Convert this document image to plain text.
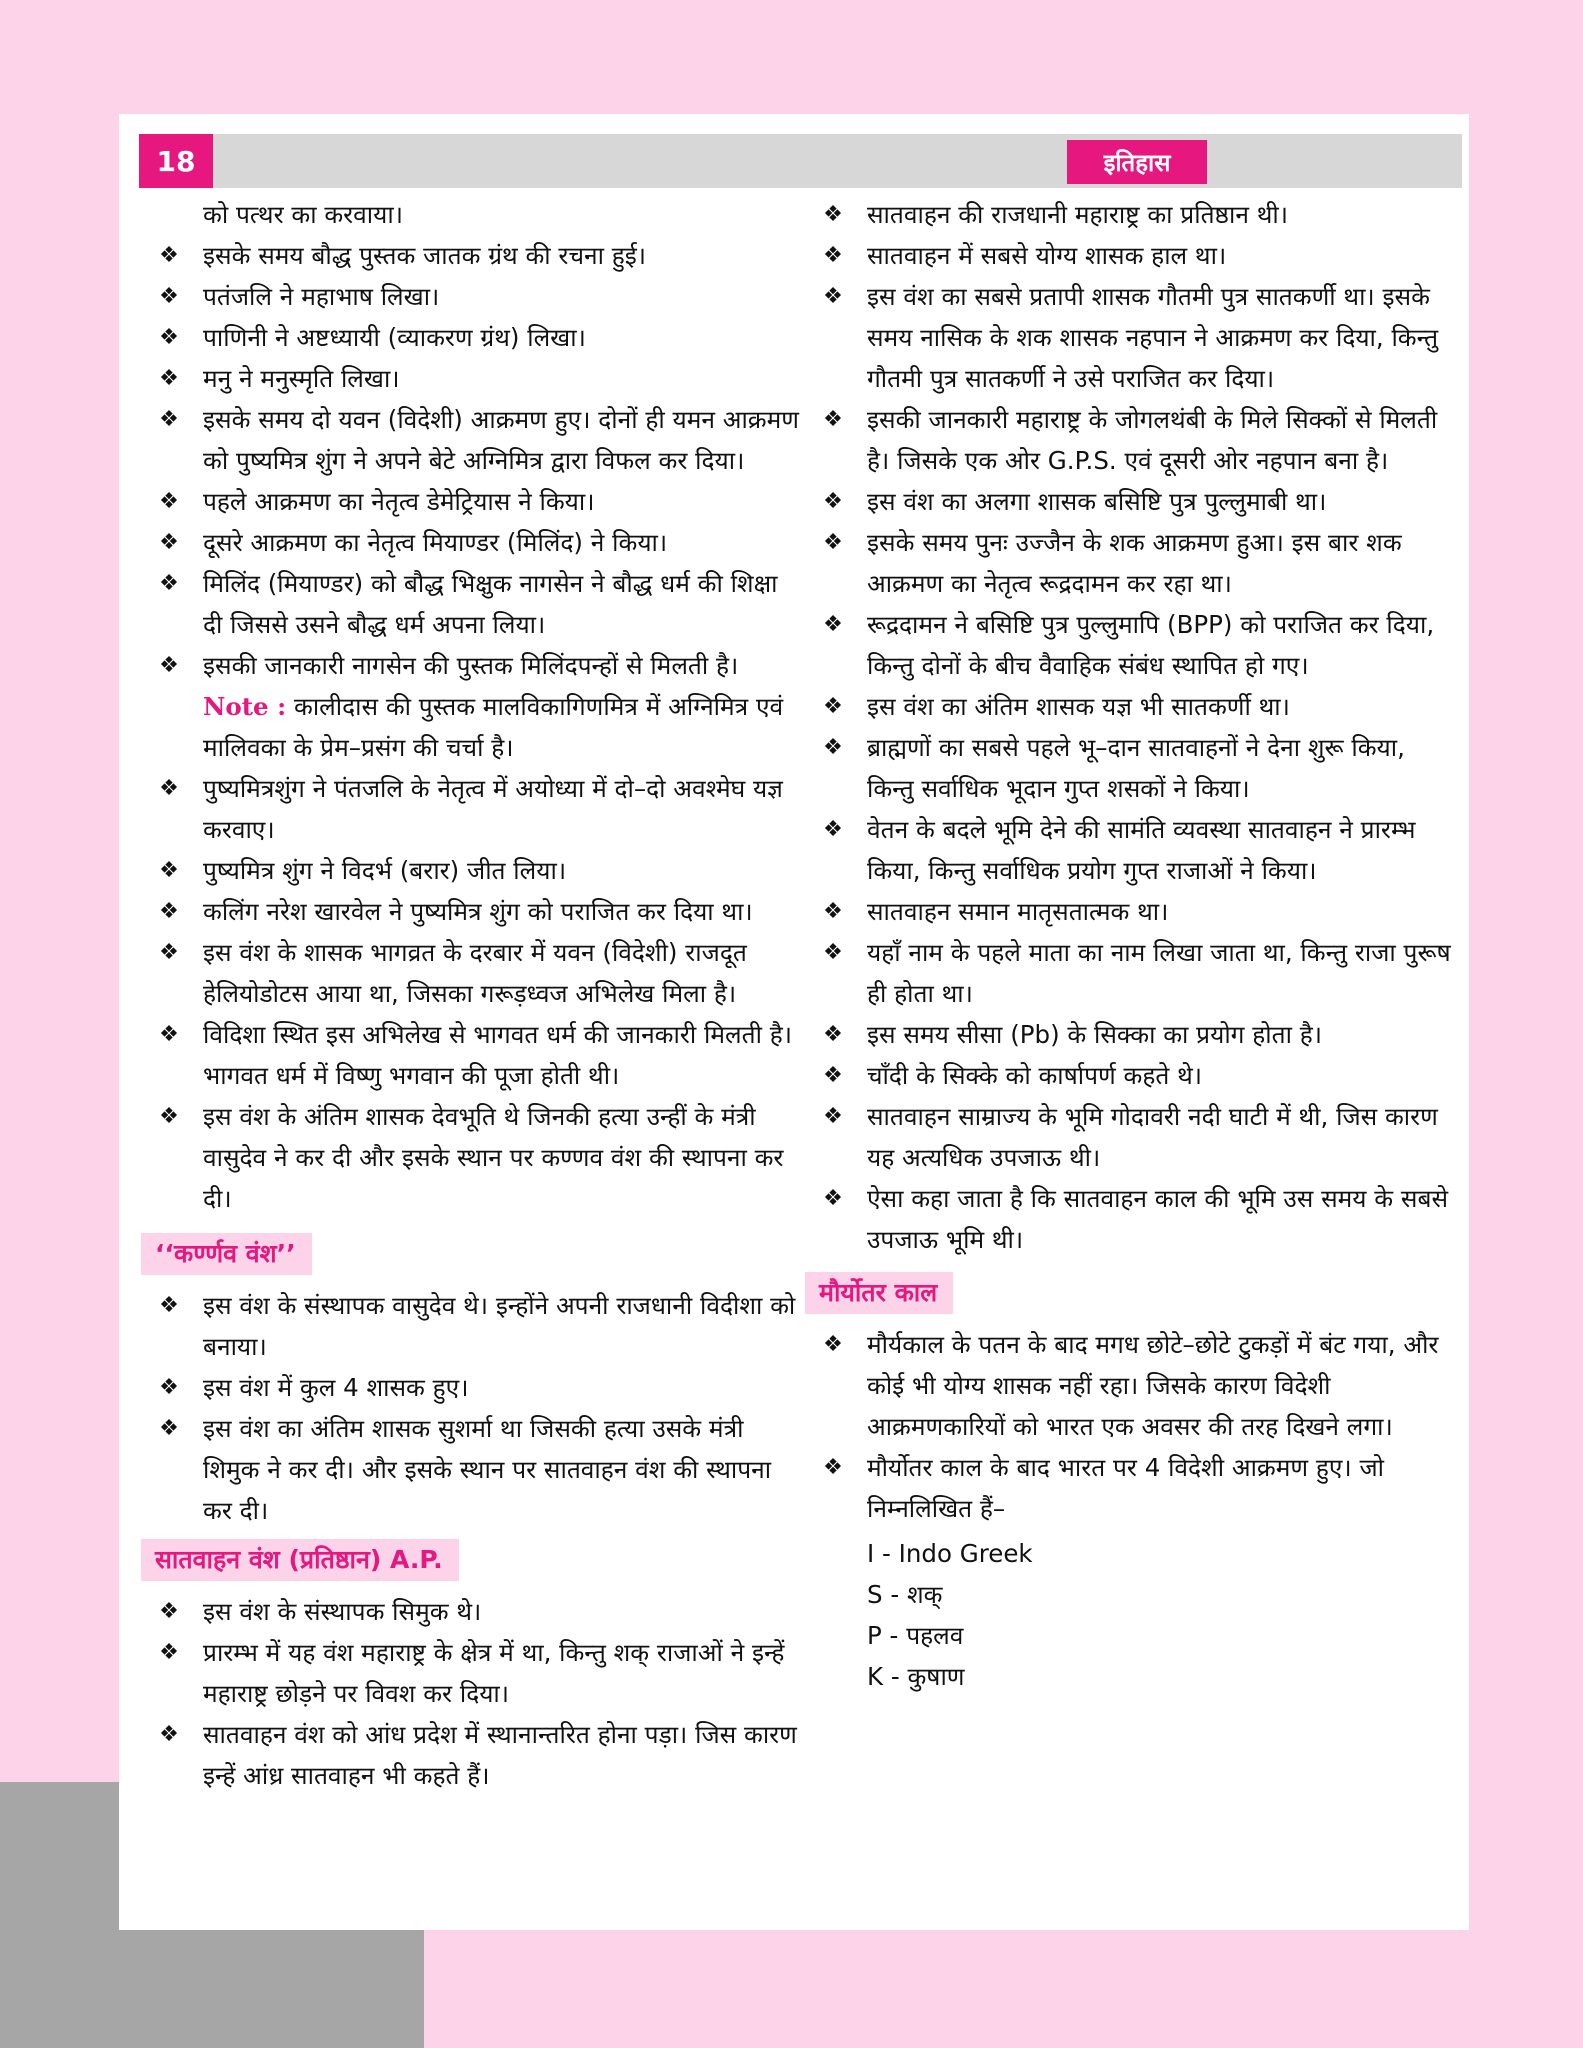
18	इतिहास
को पत्थर का करवाया।
❖ इसके समय बौद्ध पुस्तक जातक ग्रंथ की रचना हुई।
❖ पतंजलि ने महाभाष लिखा।
❖ पाणिनी ने अष्टध्यायी (व्याकरण ग्रंथ) लिखा।
❖ मनु ने मनुस्मृति लिखा।
❖ इसके समय दो यवन (विदेशी) आक्रमण हुए। दोनों ही यमन आक्रमण को पुष्यमित्र शुंग ने अपने बेटे अग्निमित्र द्वारा विफल कर दिया।
❖ पहले आक्रमण का नेतृत्व डेमेट्रियास ने किया।
❖ दूसरे आक्रमण का नेतृत्व मियाण्डर (मिलिंद) ने किया।
❖ मिलिंद (मियाण्डर) को बौद्ध भिक्षुक नागसेन ने बौद्ध धर्म की शिक्षा दी जिससे उसने बौद्ध धर्म अपना लिया।
❖ इसकी जानकारी नागसेन की पुस्तक मिलिंदपन्हों से मिलती है।
Note : कालीदास की पुस्तक मालविकागिणमित्र में अग्निमित्र एवं मालिवका के प्रेम–प्रसंग की चर्चा है।
❖ पुष्यमित्रशुंग ने पंतजलि के नेतृत्व में अयोध्या में दो–दो अवश्मेघ यज्ञ करवाए।
❖ पुष्यमित्र शुंग ने विदर्भ (बरार) जीत लिया।
❖ कलिंग नरेश खारवेल ने पुष्यमित्र शुंग को पराजित कर दिया था।
❖ इस वंश के शासक भागव्रत के दरबार में यवन (विदेशी) राजदूत हेलियोडोटस आया था, जिसका गरूड़ध्वज अभिलेख मिला है।
❖ विदिशा स्थित इस अभिलेख से भागवत धर्म की जानकारी मिलती है। भागवत धर्म में विष्णु भगवान की पूजा होती थी।
❖ इस वंश के अंतिम शासक देवभूति थे जिनकी हत्या उन्हीं के मंत्री वासुदेव ने कर दी और इसके स्थान पर कण्णव वंश की स्थापना कर दी।
‘‘कर्ण्णव वंश’’
❖ इस वंश के संस्थापक वासुदेव थे। इन्होंने अपनी राजधानी विदीशा को बनाया।
❖ इस वंश में कुल 4 शासक हुए।
❖ इस वंश का अंतिम शासक सुशर्मा था जिसकी हत्या उसके मंत्री शिमुक ने कर दी। और इसके स्थान पर सातवाहन वंश की स्थापना कर दी।
सातवाहन वंश (प्रतिष्ठान) A.P.
❖ इस वंश के संस्थापक सिमुक थे।
❖ प्रारम्भ में यह वंश महाराष्ट्र के क्षेत्र में था, किन्तु शक् राजाओं ने इन्हें महाराष्ट्र छोड़ने पर विवश कर दिया।
❖ सातवाहन वंश को आंध प्रदेश में स्थानान्तरित होना पड़ा। जिस कारण इन्हें आंध्र सातवाहन भी कहते हैं।
❖ सातवाहन की राजधानी महाराष्ट्र का प्रतिष्ठान थी।
❖ सातवाहन में सबसे योग्य शासक हाल था।
❖ इस वंश का सबसे प्रतापी शासक गौतमी पुत्र सातकर्णी था। इसके समय नासिक के शक शासक नहपान ने आक्रमण कर दिया, किन्तु गौतमी पुत्र सातकर्णी ने उसे पराजित कर दिया।
❖ इसकी जानकारी महाराष्ट्र के जोगलथंबी के मिले सिक्कों से मिलती है। जिसके एक ओर G.P.S. एवं दूसरी ओर नहपान बना है।
❖ इस वंश का अलगा शासक बसिष्टि पुत्र पुल्लुमाबी था।
❖ इसके समय पुनः उज्जैन के शक आक्रमण हुआ। इस बार शक आक्रमण का नेतृत्व रूद्रदामन कर रहा था।
❖ रूद्रदामन ने बसिष्टि पुत्र पुल्लुमापि (BPP) को पराजित कर दिया, किन्तु दोनों के बीच वैवाहिक संबंध स्थापित हो गए।
❖ इस वंश का अंतिम शासक यज्ञ भी सातकर्णी था।
❖ ब्राह्मणों का सबसे पहले भू–दान सातवाहनों ने देना शुरू किया, किन्तु सर्वाधिक भूदान गुप्त शसकों ने किया।
❖ वेतन के बदले भूमि देने की सामंति व्यवस्था सातवाहन ने प्रारम्भ किया, किन्तु सर्वाधिक प्रयोग गुप्त राजाओं ने किया।
❖ सातवाहन समान मातृसतात्मक था।
❖ यहाँ नाम के पहले माता का नाम लिखा जाता था, किन्तु राजा पुरूष ही होता था।
❖ इस समय सीसा (Pb) के सिक्का का प्रयोग होता है।
❖ चाँदी के सिक्के को कार्षापर्ण कहते थे।
❖ सातवाहन साम्राज्य के भूमि गोदावरी नदी घाटी में थी, जिस कारण यह अत्यधिक उपजाऊ थी।
❖ ऐसा कहा जाता है कि सातवाहन काल की भूमि उस समय के सबसे उपजाऊ भूमि थी।
मौर्योतर काल
❖ मौर्यकाल के पतन के बाद मगध छोटे–छोटे टुकड़ों में बंट गया, और कोई भी योग्य शासक नहीं रहा। जिसके कारण विदेशी आक्रमणकारियों को भारत एक अवसर की तरह दिखने लगा।
❖ मौर्योतर काल के बाद भारत पर 4 विदेशी आक्रमण हुए। जो निम्नलिखित हैं–
I - Indo Greek
S - शक्
P - पहलव
K - कुषाण
